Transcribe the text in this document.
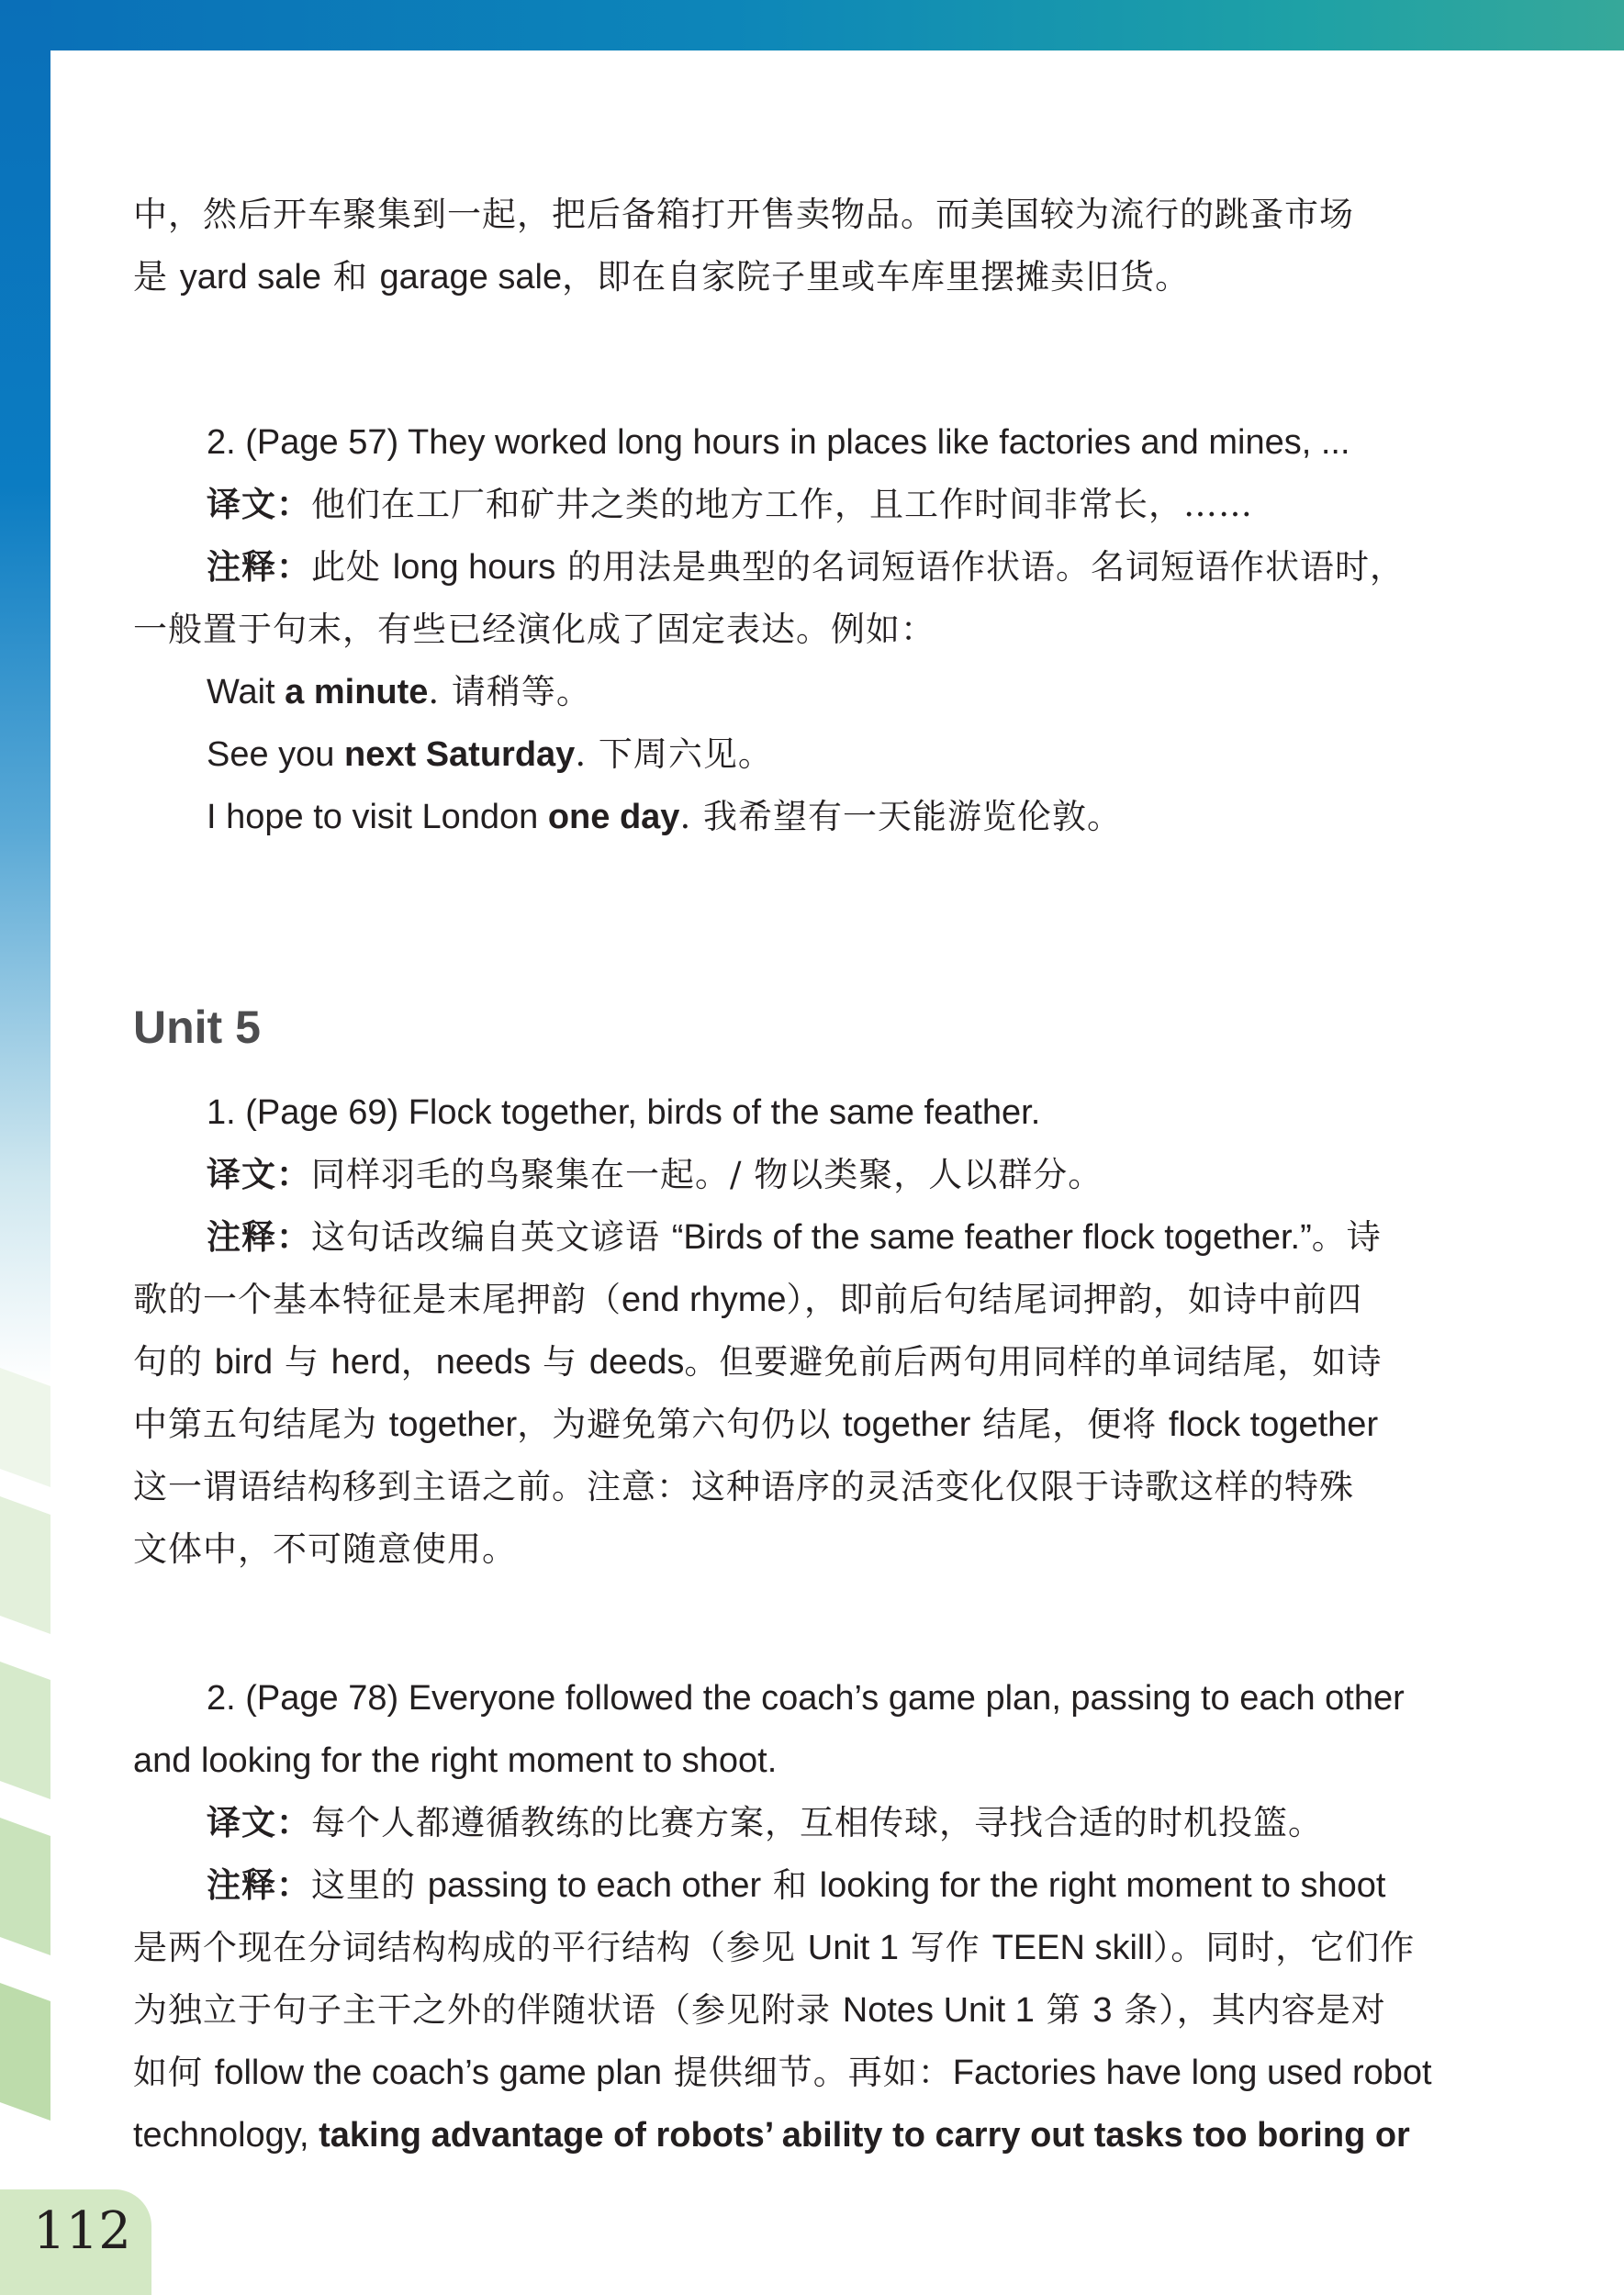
112

中，然后开车聚集到一起，把后备箱打开售卖物品。而美国较为流行的跳蚤市场

是 yard sale 和 garage sale，即在自家院子里或车库里摆摊卖旧货。

2. (Page 57) They worked long hours in places like factories and mines, ...

译文：他们在工厂和矿井之类的地方工作，且工作时间非常长，……

注释：此处 long hours 的用法是典型的名词短语作状语。名词短语作状语时，

一般置于句末，有些已经演化成了固定表达。例如：

Wait a minute. 请稍等。

See you next Saturday. 下周六见。

I hope to visit London one day. 我希望有一天能游览伦敦。

Unit 5

1. (Page 69) Flock together, birds of the same feather.

译文：同样羽毛的鸟聚集在一起。/ 物以类聚，人以群分。

注释：这句话改编自英文谚语 “Birds of the same feather flock together.”。诗

歌的一个基本特征是末尾押韵（end rhyme），即前后句结尾词押韵，如诗中前四

句的 bird 与 herd，needs 与 deeds。但要避免前后两句用同样的单词结尾，如诗

中第五句结尾为 together，为避免第六句仍以 together 结尾，便将 flock together

这一谓语结构移到主语之前。注意：这种语序的灵活变化仅限于诗歌这样的特殊

文体中，不可随意使用。

2. (Page 78) Everyone followed the coach’s game plan, passing to each other

and looking for the right moment to shoot.

译文：每个人都遵循教练的比赛方案，互相传球，寻找合适的时机投篮。

注释：这里的 passing to each other 和 looking for the right moment to shoot

是两个现在分词结构构成的平行结构（参见 Unit 1 写作 TEEN skill）。同时，它们作

为独立于句子主干之外的伴随状语（参见附录 Notes Unit 1 第 3 条），其内容是对

如何 follow the coach’s game plan 提供细节。再如：Factories have long used robot

technology, taking advantage of robots’ ability to carry out tasks too boring or
